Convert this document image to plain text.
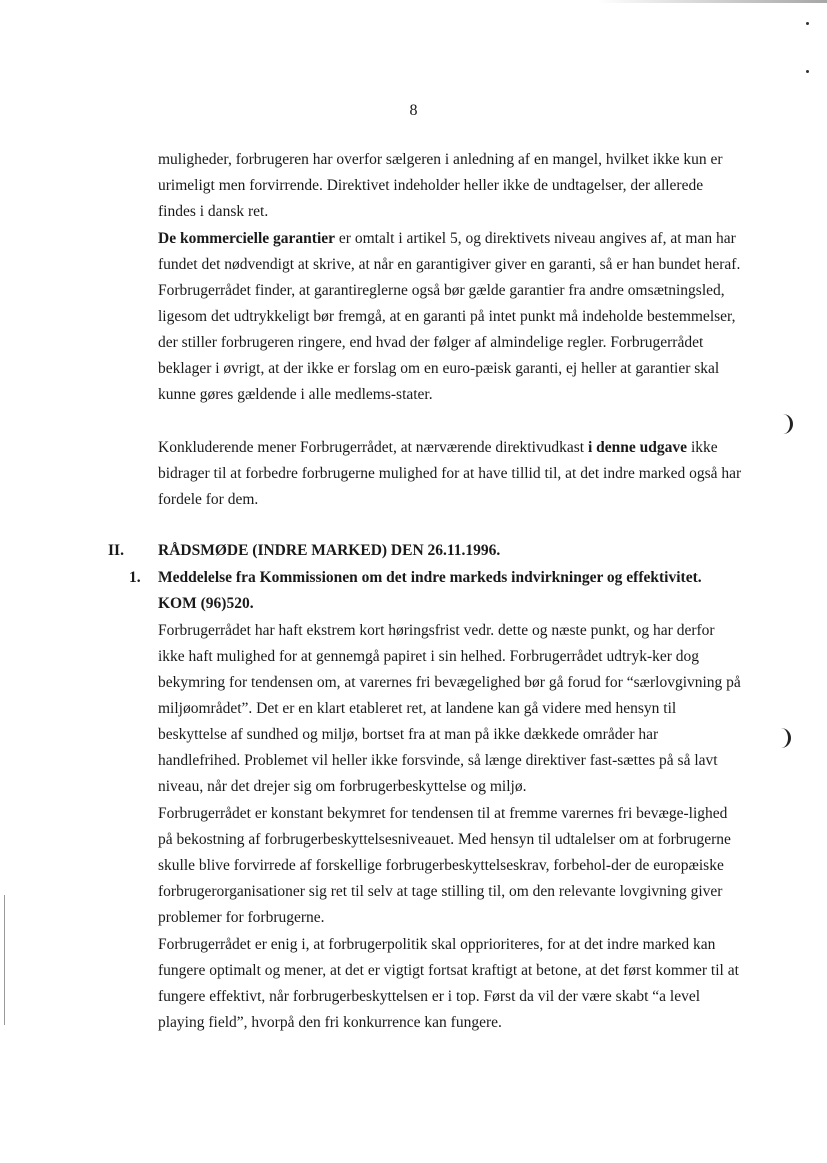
8

muligheder, forbrugeren har overfor sælgeren i anledning af en mangel, hvilket ikke kun er urimeligt men forvirrende. Direktivet indeholder heller ikke de undtagelser, der allerede findes i dansk ret.

De kommercielle garantier er omtalt i artikel 5, og direktivets niveau angives af, at man har fundet det nødvendigt at skrive, at når en garantigiver giver en garanti, så er han bundet heraf. Forbrugerrådet finder, at garantireglerne også bør gælde garantier fra andre omsætningsled, ligesom det udtrykkeligt bør fremgå, at en garanti på intet punkt må indeholde bestemmelser, der stiller forbrugeren ringere, end hvad der følger af almindelige regler. Forbrugerrådet beklager i øvrigt, at der ikke er forslag om en euro-pæisk garanti, ej heller at garantier skal kunne gøres gældende i alle medlems-stater.

Konkluderende mener Forbrugerrådet, at nærværende direktivudkast i denne udgave ikke bidrager til at forbedre forbrugerne mulighed for at have tillid til, at det indre marked også har fordele for dem.

II. RÅDSMØDE (INDRE MARKED) DEN 26.11.1996.
1. Meddelelse fra Kommissionen om det indre markeds indvirkninger og effektivitet. KOM (96)520.

Forbrugerrådet har haft ekstrem kort høringsfrist vedr. dette og næste punkt, og har derfor ikke haft mulighed for at gennemgå papiret i sin helhed. Forbrugerrådet udtryk-ker dog bekymring for tendensen om, at varernes fri bevægelighed bør gå forud for “særlovgivning på miljøområdet”. Det er en klart etableret ret, at landene kan gå videre med hensyn til beskyttelse af sundhed og miljø, bortset fra at man på ikke dækkede områder har handlefrihed. Problemet vil heller ikke forsvinde, så længe direktiver fast-sættes på så lavt niveau, når det drejer sig om forbrugerbeskyttelse og miljø.

Forbrugerrådet er konstant bekymret for tendensen til at fremme varernes fri bevæge-lighed på bekostning af forbrugerbeskyttelsesniveauet. Med hensyn til udtalelser om at forbrugerne skulle blive forvirrede af forskellige forbrugerbeskyttelseskrav, forbehol-der de europæiske forbrugerorganisationer sig ret til selv at tage stilling til, om den relevante lovgivning giver problemer for forbrugerne.

Forbrugerrådet er enig i, at forbrugerpolitik skal opprioriteres, for at det indre marked kan fungere optimalt og mener, at det er vigtigt fortsat kraftigt at betone, at det først kommer til at fungere effektivt, når forbrugerbeskyttelsen er i top. Først da vil der være skabt “a level playing field”, hvorpå den fri konkurrence kan fungere.
